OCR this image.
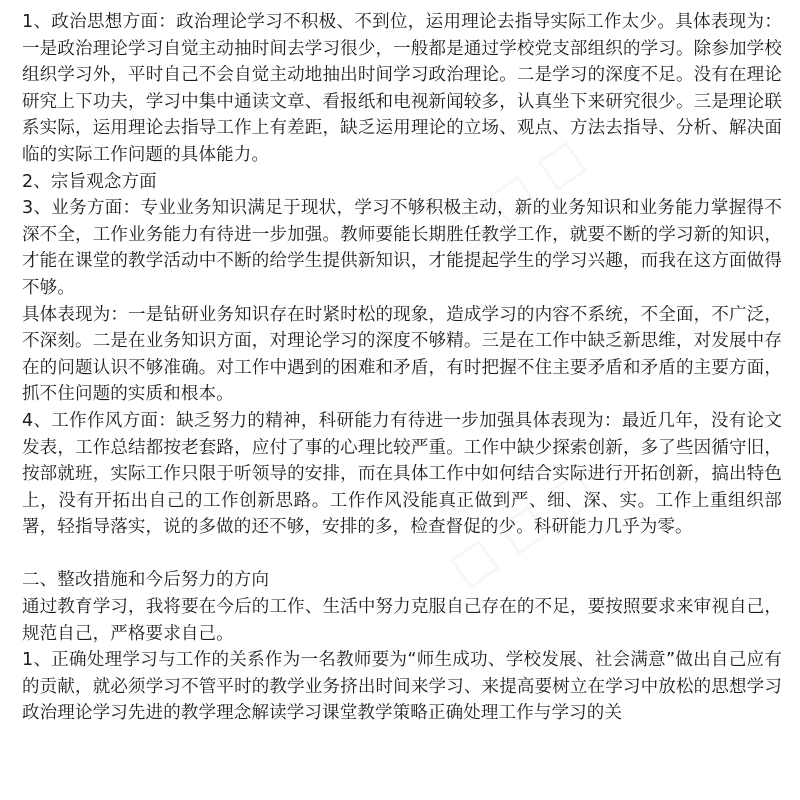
□ □ □
□ □ □

1、政治思想方面：政治理论学习不积极、不到位，运用理论去指导实际工作太少。具体表现为：一是政治理论学习自觉主动抽时间去学习很少，一般都是通过学校党支部组织的学习。除参加学校组织学习外，平时自己不会自觉主动地抽出时间学习政治理论。二是学习的深度不足。没有在理论研究上下功夫，学习中集中通读文章、看报纸和电视新闻较多，认真坐下来研究很少。三是理论联系实际，运用理论去指导工作上有差距，缺乏运用理论的立场、观点、方法去指导、分析、解决面临的实际工作问题的具体能力。

2、宗旨观念方面

3、业务方面：专业业务知识满足于现状，学习不够积极主动，新的业务知识和业务能力掌握得不深不全，工作业务能力有待进一步加强。教师要能长期胜任教学工作，就要不断的学习新的知识，才能在课堂的教学活动中不断的给学生提供新知识，才能提起学生的学习兴趣，而我在这方面做得不够。

具体表现为：一是钻研业务知识存在时紧时松的现象，造成学习的内容不系统，不全面，不广泛，不深刻。二是在业务知识方面，对理论学习的深度不够精。三是在工作中缺乏新思维，对发展中存在的问题认识不够准确。对工作中遇到的困难和矛盾，有时把握不住主要矛盾和矛盾的主要方面，抓不住问题的实质和根本。

4、工作作风方面：缺乏努力的精神，科研能力有待进一步加强具体表现为：最近几年，没有论文发表，工作总结都按老套路，应付了事的心理比较严重。工作中缺少探索创新，多了些因循守旧，按部就班，实际工作只限于听领导的安排，而在具体工作中如何结合实际进行开拓创新，搞出特色上，没有开拓出自己的工作创新思路。工作作风没能真正做到严、细、深、实。工作上重组织部署，轻指导落实，说的多做的还不够，安排的多，检查督促的少。科研能力几乎为零。

二、整改措施和今后努力的方向

通过教育学习，我将要在今后的工作、生活中努力克服自己存在的不足，要按照要求来审视自己，规范自己，严格要求自己。

1、正确处理学习与工作的关系作为一名教师要为“师生成功、学校发展、社会满意”做出自己应有的贡献，就必须学习不管平时的教学业务挤出时间来学习、来提高要树立在学习中放松的思想学习政治理论学习先进的教学理念解读学习课堂教学策略正确处理工作与学习的关
